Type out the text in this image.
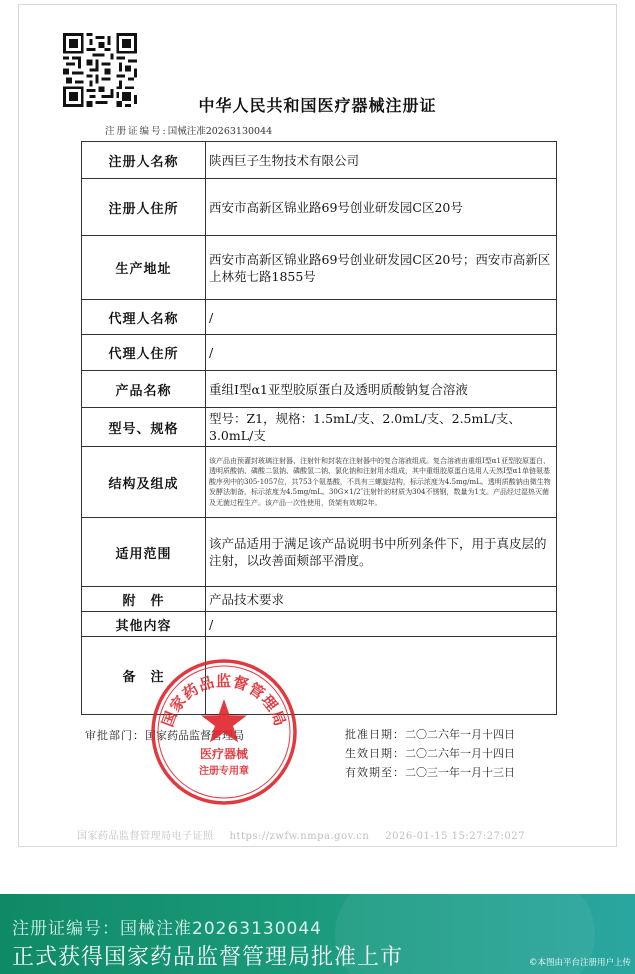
中华人民共和国医疗器械注册证
注册证编号:国械注准20263130044
注册人名称	陕西巨子生物技术有限公司
注册人住所	西安市高新区锦业路69号创业研发园C区20号
生产地址	西安市高新区锦业路69号创业研发园C区20号；西安市高新区上林苑七路1855号
代理人名称	/
代理人住所	/
产品名称	重组Ⅰ型α1亚型胶原蛋白及透明质酸钠复合溶液
型号、规格	型号：Z1，规格：1.5mL/支、2.0mL/支、2.5mL/支、3.0mL/支
结构及组成	该产品由预灌封玻璃注射器、注射针和封装在注射器中的复合溶液组成。复合溶液由重组Ⅰ型α1亚型胶原蛋白、透明质酸钠、磷酸二氢钠、磷酸氢二钠、氯化钠和注射用水组成，其中重组胶原蛋白选用人天然Ⅰ型α1单链氨基酸序列中的305-1057位，共753个氨基酸，不具有三螺旋结构，标示浓度为4.5mg/mL。透明质酸钠由微生物发酵法制备，标示浓度为4.5mg/mL。30G×1/2″注射针的材质为304不锈钢，数量为1支。产品经过湿热灭菌及无菌过程生产。该产品一次性使用，货架有效期2年。
适用范围	该产品适用于满足该产品说明书中所列条件下，用于真皮层的注射，以改善面颊部平滑度。
附　件	产品技术要求
其他内容	/
备　注	
审批部门：国家药品监督管理局	批准日期：二〇二六年一月十四日
生效日期：二〇二六年一月十四日
有效期至：二〇三一年一月十三日
国家药品监督管理局
医疗器械
注册专用章
国家药品监督管理局电子证照 https://zwfw.nmpa.gov.cn 2026-01-15 15:27:27:027
注册证编号：国械注准20263130044
正式获得国家药品监督管理局批准上市	©本图由平台注册用户上传
